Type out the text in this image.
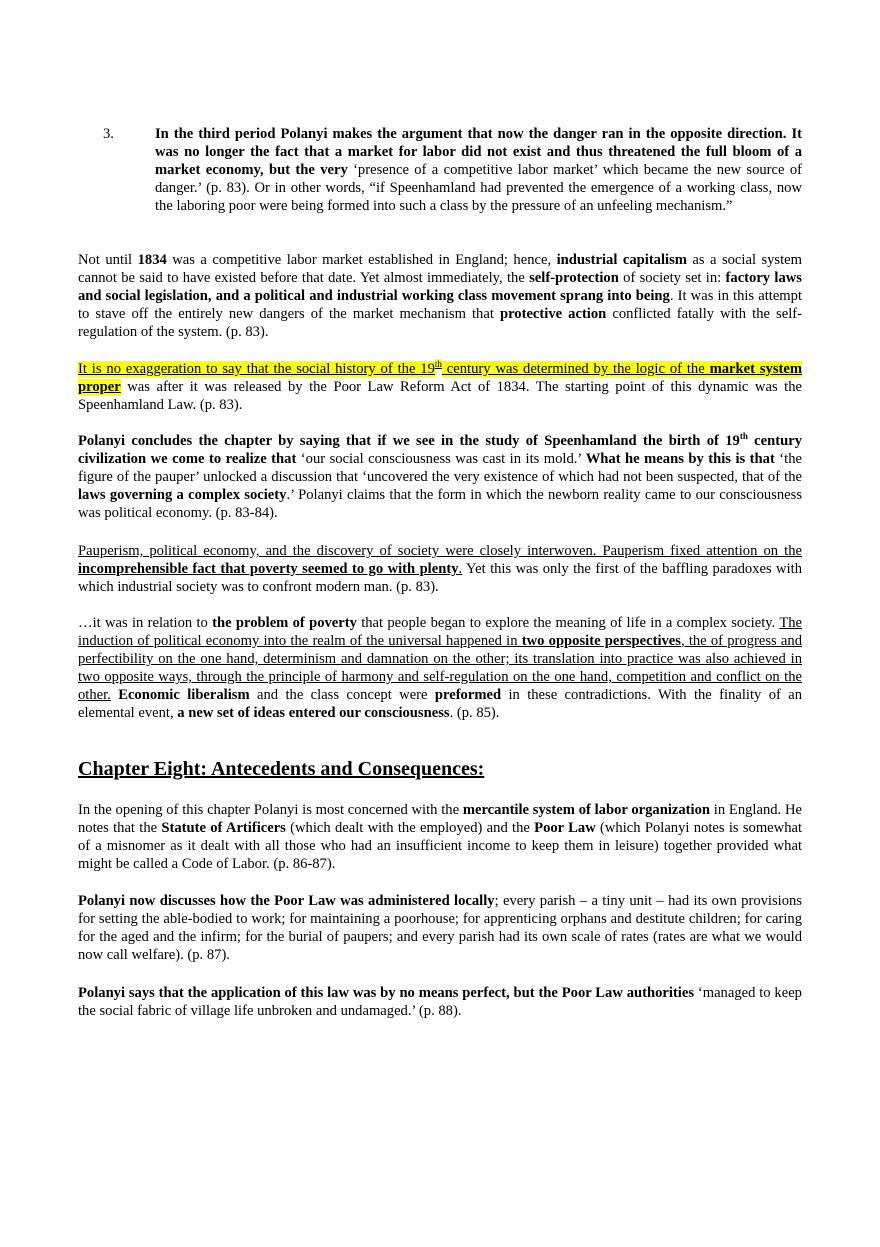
3.	In the third period Polanyi makes the argument that now the danger ran in the opposite direction. It was no longer the fact that a market for labor did not exist and thus threatened the full bloom of a market economy, but the very ‘presence of a competitive labor market’ which became the new source of danger.’ (p. 83). Or in other words, “if Speenhamland had prevented the emergence of a working class, now the laboring poor were being formed into such a class by the pressure of an unfeeling mechanism.”

Not until 1834 was a competitive labor market established in England; hence, industrial capitalism as a social system cannot be said to have existed before that date. Yet almost immediately, the self-protection of society set in: factory laws and social legislation, and a political and industrial working class movement sprang into being. It was in this attempt to stave off the entirely new dangers of the market mechanism that protective action conflicted fatally with the self-regulation of the system. (p. 83).

It is no exaggeration to say that the social history of the 19th century was determined by the logic of the market system proper was after it was released by the Poor Law Reform Act of 1834. The starting point of this dynamic was the Speenhamland Law. (p. 83).

Polanyi concludes the chapter by saying that if we see in the study of Speenhamland the birth of 19th century civilization we come to realize that ‘our social consciousness was cast in its mold.’ What he means by this is that ‘the figure of the pauper’ unlocked a discussion that ‘uncovered the very existence of which had not been suspected, that of the laws governing a complex society.’ Polanyi claims that the form in which the newborn reality came to our consciousness was political economy. (p. 83-84).

Pauperism, political economy, and the discovery of society were closely interwoven. Pauperism fixed attention on the incomprehensible fact that poverty seemed to go with plenty. Yet this was only the first of the baffling paradoxes with which industrial society was to confront modern man. (p. 83).

…it was in relation to the problem of poverty that people began to explore the meaning of life in a complex society. The induction of political economy into the realm of the universal happened in two opposite perspectives, the of progress and perfectibility on the one hand, determinism and damnation on the other; its translation into practice was also achieved in two opposite ways, through the principle of harmony and self-regulation on the one hand, competition and conflict on the other. Economic liberalism and the class concept were preformed in these contradictions. With the finality of an elemental event, a new set of ideas entered our consciousness. (p. 85).

Chapter Eight: Antecedents and Consequences:

In the opening of this chapter Polanyi is most concerned with the mercantile system of labor organization in England. He notes that the Statute of Artificers (which dealt with the employed) and the Poor Law (which Polanyi notes is somewhat of a misnomer as it dealt with all those who had an insufficient income to keep them in leisure) together provided what might be called a Code of Labor. (p. 86-87).

Polanyi now discusses how the Poor Law was administered locally; every parish – a tiny unit – had its own provisions for setting the able-bodied to work; for maintaining a poorhouse; for apprenticing orphans and destitute children; for caring for the aged and the infirm; for the burial of paupers; and every parish had its own scale of rates (rates are what we would now call welfare). (p. 87).

Polanyi says that the application of this law was by no means perfect, but the Poor Law authorities ‘managed to keep the social fabric of village life unbroken and undamaged.’ (p. 88).
